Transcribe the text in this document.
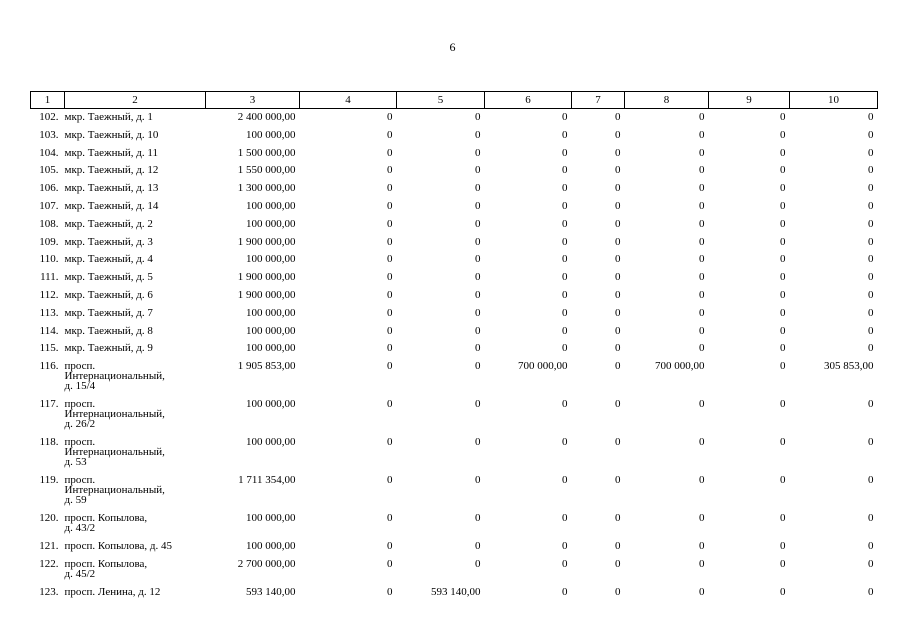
6
1	2	3	4	5	6	7	8	9	10
102.	мкр. Таежный, д. 1	2 400 000,00	0	0	0	0	0	0	0
103.	мкр. Таежный, д. 10	100 000,00	0	0	0	0	0	0	0
104.	мкр. Таежный, д. 11	1 500 000,00	0	0	0	0	0	0	0
105.	мкр. Таежный, д. 12	1 550 000,00	0	0	0	0	0	0	0
106.	мкр. Таежный, д. 13	1 300 000,00	0	0	0	0	0	0	0
107.	мкр. Таежный, д. 14	100 000,00	0	0	0	0	0	0	0
108.	мкр. Таежный, д. 2	100 000,00	0	0	0	0	0	0	0
109.	мкр. Таежный, д. 3	1 900 000,00	0	0	0	0	0	0	0
110.	мкр. Таежный, д. 4	100 000,00	0	0	0	0	0	0	0
111.	мкр. Таежный, д. 5	1 900 000,00	0	0	0	0	0	0	0
112.	мкр. Таежный, д. 6	1 900 000,00	0	0	0	0	0	0	0
113.	мкр. Таежный, д. 7	100 000,00	0	0	0	0	0	0	0
114.	мкр. Таежный, д. 8	100 000,00	0	0	0	0	0	0	0
115.	мкр. Таежный, д. 9	100 000,00	0	0	0	0	0	0	0
116.	просп.
Интернациональный,
д. 15/4	1 905 853,00	0	0	700 000,00	0	700 000,00	0	305 853,00
117.	просп.
Интернациональный,
д. 26/2	100 000,00	0	0	0	0	0	0	0
118.	просп.
Интернациональный,
д. 53	100 000,00	0	0	0	0	0	0	0
119.	просп.
Интернациональный,
д. 59	1 711 354,00	0	0	0	0	0	0	0
120.	просп. Копылова,
д. 43/2	100 000,00	0	0	0	0	0	0	0
121.	просп. Копылова, д. 45	100 000,00	0	0	0	0	0	0	0
122.	просп. Копылова,
д. 45/2	2 700 000,00	0	0	0	0	0	0	0
123.	просп. Ленина, д. 12	593 140,00	0	593 140,00	0	0	0	0	0
